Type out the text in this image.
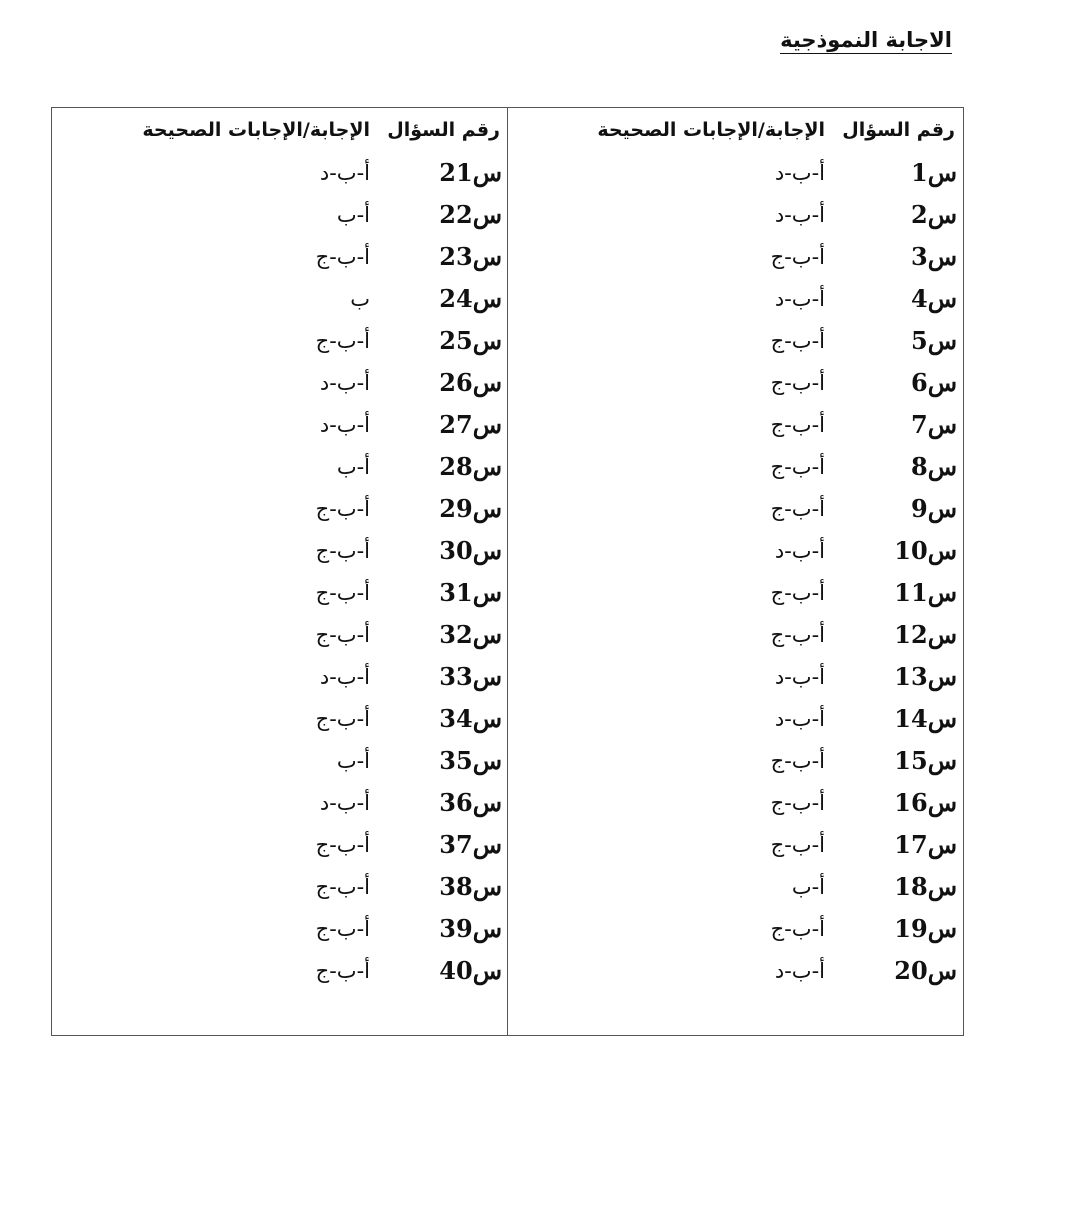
الاجابة النموذجية
رقم السؤال
الإجابة/الإجابات الصحيحة
س1
أ-ب-د
س2
أ-ب-د
س3
أ-ب-ج
س4
أ-ب-د
س5
أ-ب-ج
س6
أ-ب-ج
س7
أ-ب-ج
س8
أ-ب-ج
س9
أ-ب-ج
س10
أ-ب-د
س11
أ-ب-ج
س12
أ-ب-ج
س13
أ-ب-د
س14
أ-ب-د
س15
أ-ب-ج
س16
أ-ب-ج
س17
أ-ب-ج
س18
أ-ب
س19
أ-ب-ج
س20
أ-ب-د
رقم السؤال
الإجابة/الإجابات الصحيحة
س21
أ-ب-د
س22
أ-ب
س23
أ-ب-ج
س24
ب
س25
أ-ب-ج
س26
أ-ب-د
س27
أ-ب-د
س28
أ-ب
س29
أ-ب-ج
س30
أ-ب-ج
س31
أ-ب-ج
س32
أ-ب-ج
س33
أ-ب-د
س34
أ-ب-ج
س35
أ-ب
س36
أ-ب-د
س37
أ-ب-ج
س38
أ-ب-ج
س39
أ-ب-ج
س40
أ-ب-ج
